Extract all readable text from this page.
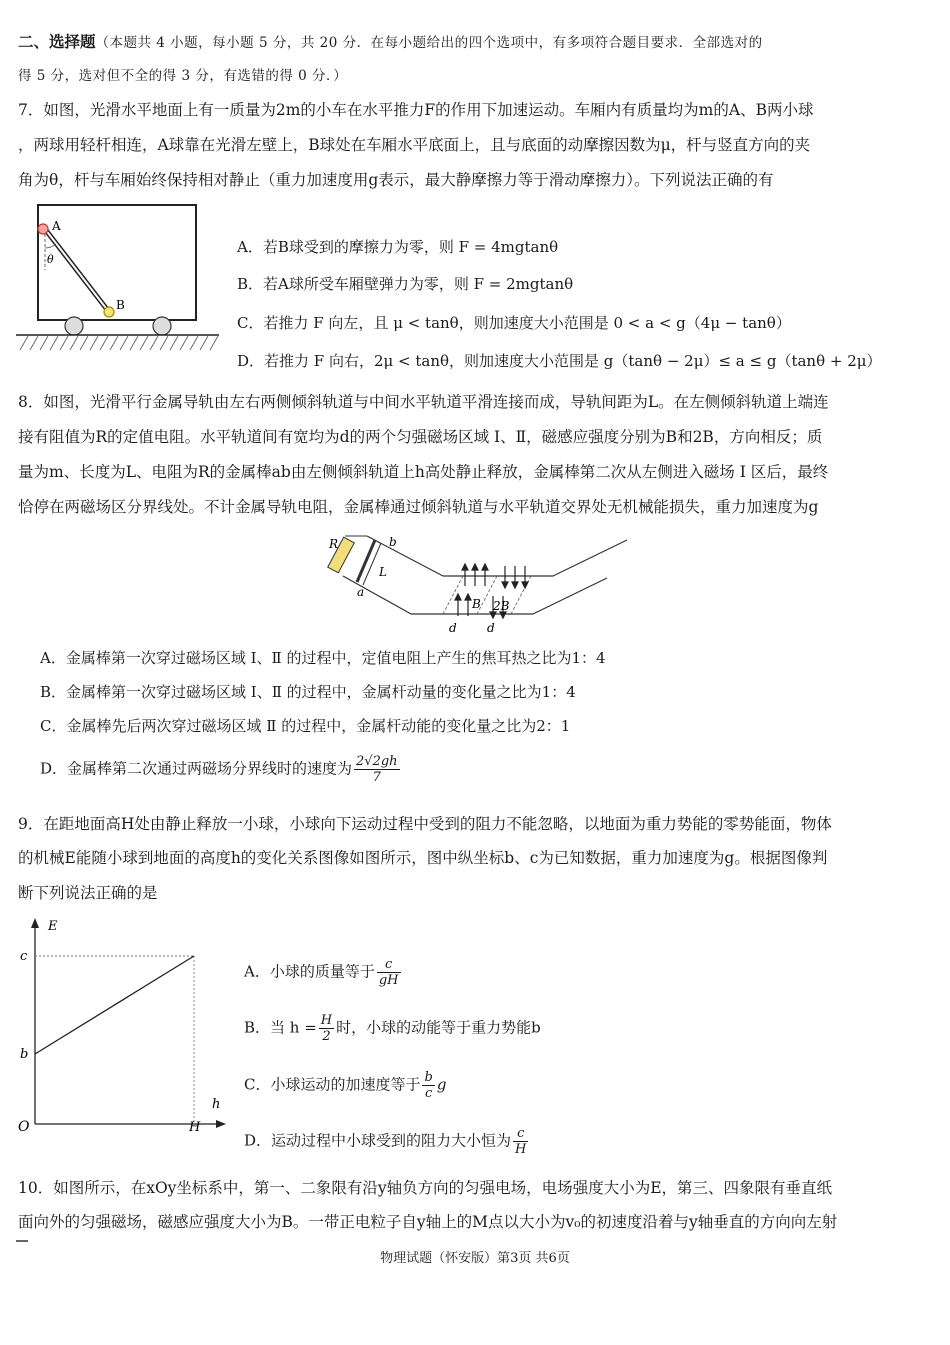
二、选择题（本题共 4 小题，每小题 5 分，共 20 分．在每小题给出的四个选项中，有多项符合题目要求．全部选对的
得 5 分，选对但不全的得 3 分，有选错的得 0 分．）
7．如图，光滑水平地面上有一质量为2m的小车在水平推力F的作用下加速运动。车厢内有质量均为m的A、B两小球
，两球用轻杆相连，A球靠在光滑左壁上，B球处在车厢水平底面上，且与底面的动摩擦因数为μ，杆与竖直方向的夹
角为θ，杆与车厢始终保持相对静止（重力加速度用g表示，最大静摩擦力等于滑动摩擦力）。下列说法正确的有
A
B
θ
A．若B球受到的摩擦力为零，则 F = 4mgtanθ
B．若A球所受车厢壁弹力为零，则 F = 2mgtanθ
C．若推力 F 向左，且 μ < tanθ，则加速度大小范围是 0 < a < g（4μ − tanθ）
D．若推力 F 向右，2μ < tanθ，则加速度大小范围是 g（tanθ − 2μ）≤ a ≤ g（tanθ + 2μ）
8．如图，光滑平行金属导轨由左右两侧倾斜轨道与中间水平轨道平滑连接而成，导轨间距为L。在左侧倾斜轨道上端连
接有阻值为R的定值电阻。水平轨道间有宽均为d的两个匀强磁场区域 Ⅰ、Ⅱ，磁感应强度分别为B和2B，方向相反；质
量为m、长度为L、电阻为R的金属棒ab由左侧倾斜轨道上h高处静止释放，金属棒第二次从左侧进入磁场 Ⅰ 区后，最终
恰停在两磁场区分界线处。不计金属导轨电阻，金属棒通过倾斜轨道与水平轨道交界处无机械能损失，重力加速度为g
R	b
L
a
B 2B
d	d
A．金属棒第一次穿过磁场区域 Ⅰ、Ⅱ 的过程中，定值电阻上产生的焦耳热之比为1：4
B．金属棒第一次穿过磁场区域 Ⅰ、Ⅱ 的过程中，金属杆动量的变化量之比为1：4
C．金属棒先后两次穿过磁场区域 Ⅱ 的过程中，金属杆动能的变化量之比为2：1
D．金属棒第二次通过两磁场分界线时的速度为 $\frac{2√2gh}{7}$
9．在距地面高H处由静止释放一小球，小球向下运动过程中受到的阻力不能忽略，以地面为重力势能的零势能面，物体
的机械E能随小球到地面的高度h的变化关系图像如图所示，图中纵坐标b、c为已知数据，重力加速度为g。根据图像判
断下列说法正确的是
E
h
O
c
b
H
A．小球的质量等于 $\frac{c}{gH}$
B．当 $h = \frac{H}{2}$ 时，小球的动能等于重力势能b
C．小球运动的加速度等于 $\frac{b}{c}$ g
D．运动过程中小球受到的阻力大小恒为 $\frac{c}{H}$
10．如图所示，在xOy坐标系中，第一、二象限有沿y轴负方向的匀强电场，电场强度大小为E，第三、四象限有垂直纸
面向外的匀强磁场，磁感应强度大小为B。一带正电粒子自y轴上的M点以大小为v₀的初速度沿着与y轴垂直的方向向左射
物理试题（怀安版）第3页 共6页
